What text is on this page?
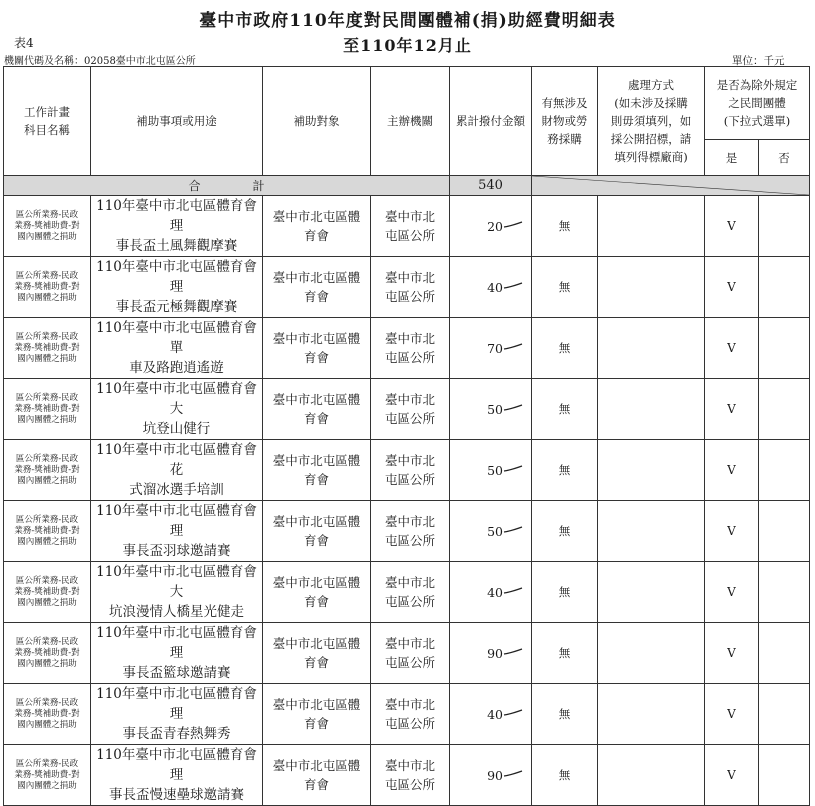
臺中市政府110年度對民間團體補(捐)助經費明細表
至110年12月止
表4
機關代碼及名稱：02058臺中市北屯區公所	單位：千元
工作計畫
科目名稱	補助事項或用途	補助對象	主辦機關	累計撥付金額	有無涉及
財物或勞
務採購	處理方式
(如未涉及採購
則毋須填列，如
採公開招標，請
填列得標廠商)	是否為除外規定
之民間團體
(下拉式選單)	
							是	否
合計				540	

區公所業務-民政
業務-獎補助費-對
國內團體之捐助	110年臺中市北屯區體育會理
事長盃土風舞觀摩賽	臺中市北屯區體
育會	臺中市北
屯區公所	20	無		V	
區公所業務-民政
業務-獎補助費-對
國內團體之捐助	110年臺中市北屯區體育會理
事長盃元極舞觀摩賽	臺中市北屯區體
育會	臺中市北
屯區公所	40	無		V	
區公所業務-民政
業務-獎補助費-對
國內團體之捐助	110年臺中市北屯區體育會單
車及路跑逍遙遊	臺中市北屯區體
育會	臺中市北
屯區公所	70	無		V	
區公所業務-民政
業務-獎補助費-對
國內團體之捐助	110年臺中市北屯區體育會大
坑登山健行	臺中市北屯區體
育會	臺中市北
屯區公所	50	無		V	
區公所業務-民政
業務-獎補助費-對
國內團體之捐助	110年臺中市北屯區體育會花
式溜冰選手培訓	臺中市北屯區體
育會	臺中市北
屯區公所	50	無		V	
區公所業務-民政
業務-獎補助費-對
國內團體之捐助	110年臺中市北屯區體育會理
事長盃羽球邀請賽	臺中市北屯區體
育會	臺中市北
屯區公所	50	無		V	
區公所業務-民政
業務-獎補助費-對
國內團體之捐助	110年臺中市北屯區體育會大
坑浪漫情人橋星光健走	臺中市北屯區體
育會	臺中市北
屯區公所	40	無		V	
區公所業務-民政
業務-獎補助費-對
國內團體之捐助	110年臺中市北屯區體育會理
事長盃籃球邀請賽	臺中市北屯區體
育會	臺中市北
屯區公所	90	無		V	
區公所業務-民政
業務-獎補助費-對
國內團體之捐助	110年臺中市北屯區體育會理
事長盃青春熱舞秀	臺中市北屯區體
育會	臺中市北
屯區公所	40	無		V	
區公所業務-民政
業務-獎補助費-對
國內團體之捐助	110年臺中市北屯區體育會理
事長盃慢速壘球邀請賽	臺中市北屯區體
育會	臺中市北
屯區公所	90	無		V	
